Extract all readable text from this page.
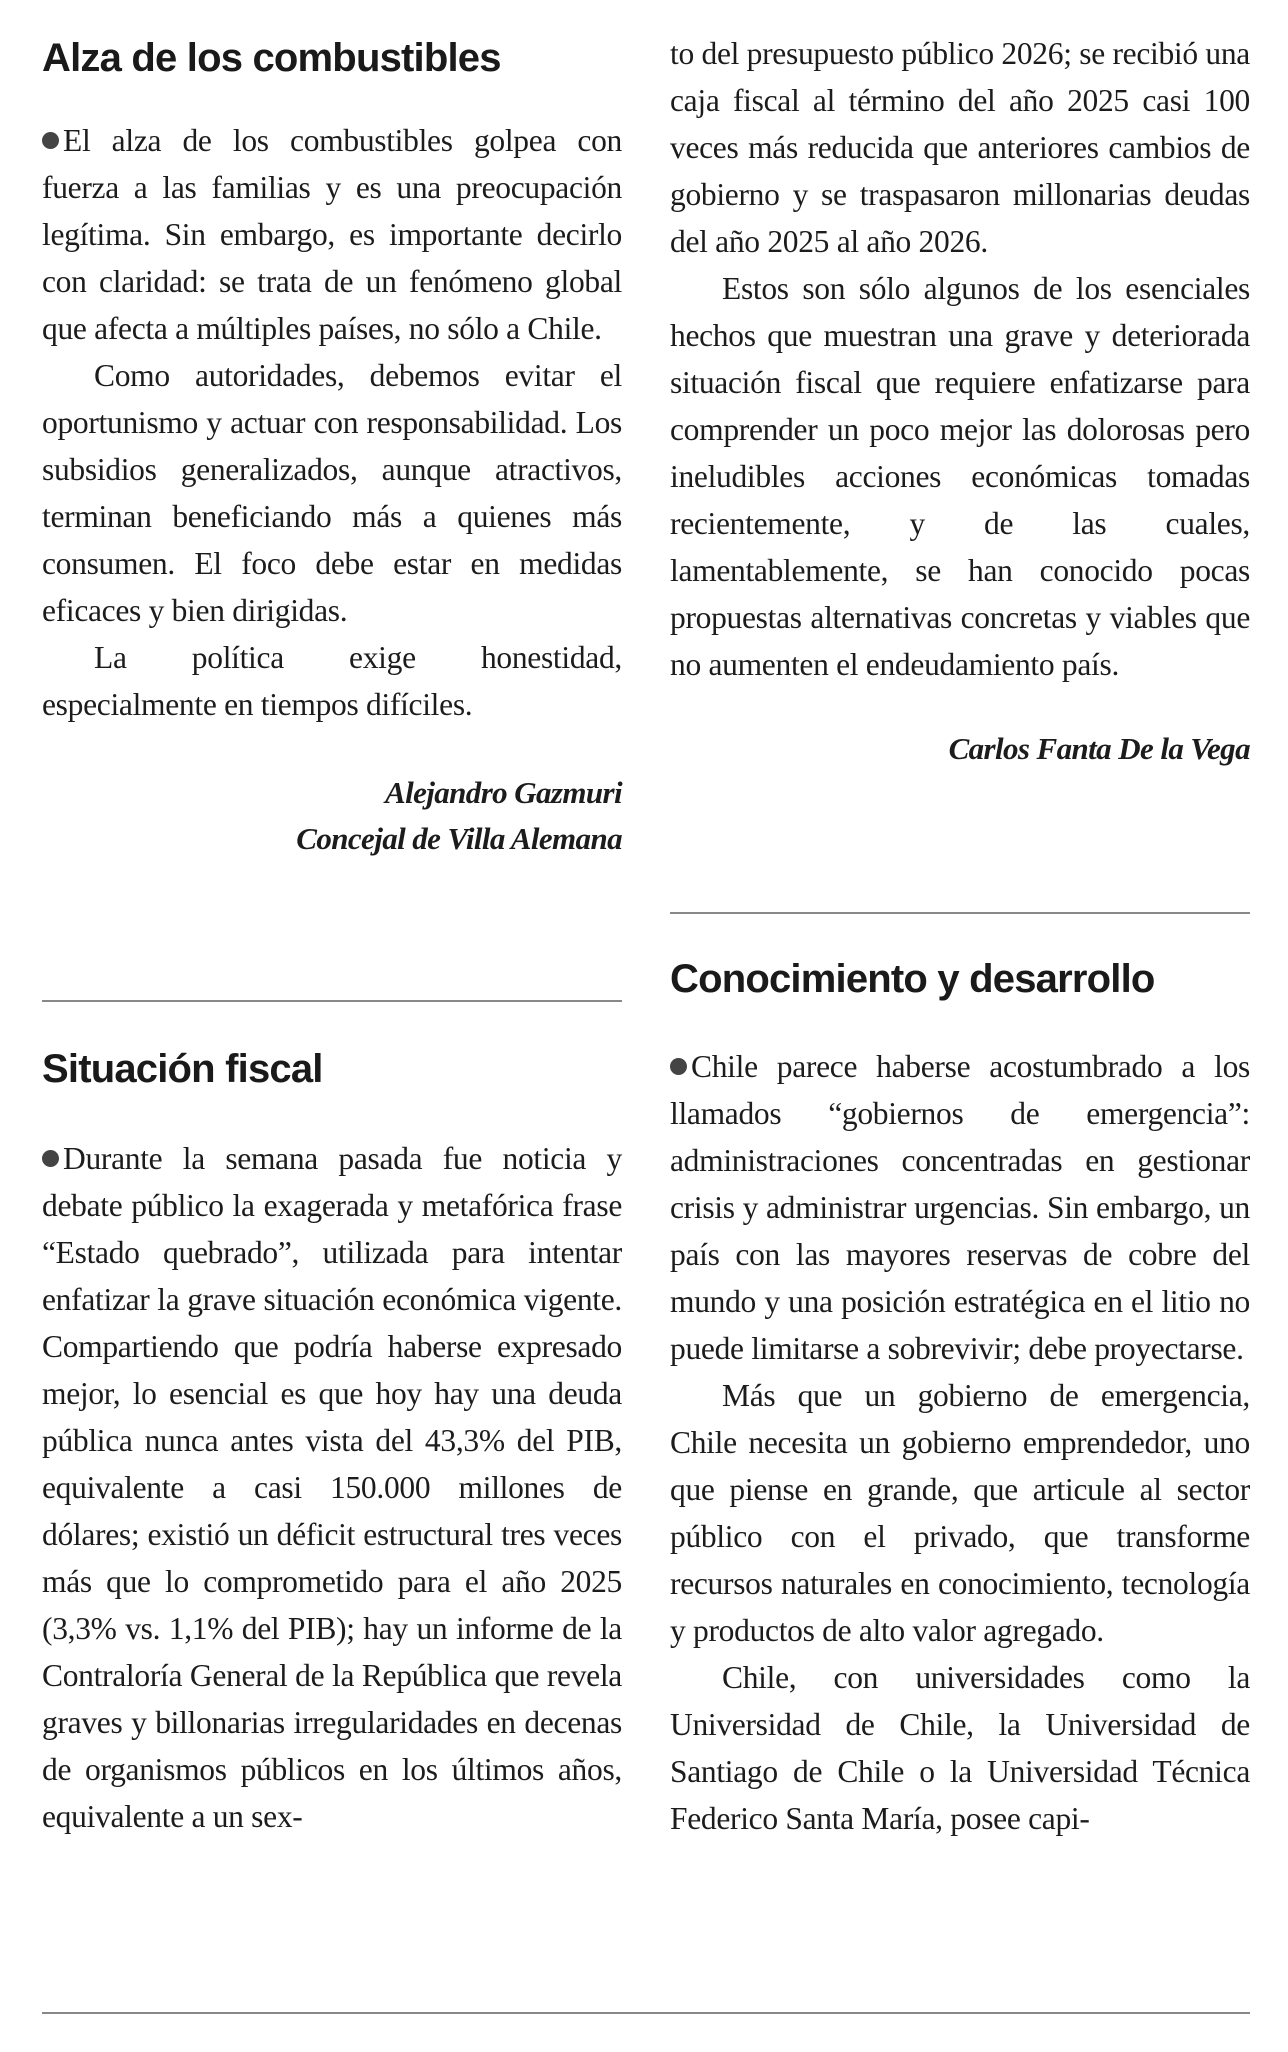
Alza de los combustibles

El alza de los combustibles golpea con fuerza a las familias y es una preocupación legítima. Sin embargo, es importante decirlo con claridad: se trata de un fenómeno global que afecta a múltiples países, no sólo a Chile.

Como autoridades, debemos evitar el oportunismo y actuar con responsabilidad. Los subsidios generalizados, aunque atractivos, terminan beneficiando más a quienes más consumen. El foco debe estar en medidas eficaces y bien dirigidas.

La política exige honestidad, especialmente en tiempos difíciles.

Alejandro Gazmuri

Concejal de Villa Alemana

Situación fiscal

Durante la semana pasada fue noticia y debate público la exagerada y metafórica frase “Estado quebrado”, utilizada para intentar enfatizar la grave situación económica vigente. Compartiendo que podría haberse expresado mejor, lo esencial es que hoy hay una deuda pública nunca antes vista del 43,3% del PIB, equivalente a casi 150.000 millones de dólares; existió un déficit estructural tres veces más que lo comprometido para el año 2025 (3,3% vs. 1,1% del PIB); hay un informe de la Contraloría General de la República que revela graves y billonarias irregularidades en decenas de organismos públicos en los últimos años, equivalente a un sex-

to del presupuesto público 2026; se recibió una caja fiscal al término del año 2025 casi 100 veces más reducida que anteriores cambios de gobierno y se traspasaron millonarias deudas del año 2025 al año 2026.

Estos son sólo algunos de los esenciales hechos que muestran una grave y deteriorada situación fiscal que requiere enfatizarse para comprender un poco mejor las dolorosas pero ineludibles acciones económicas tomadas recientemente, y de las cuales, lamentablemente, se han conocido pocas propuestas alternativas concretas y viables que no aumenten el endeudamiento país.

Carlos Fanta De la Vega

Conocimiento y desarrollo

Chile parece haberse acostumbrado a los llamados “gobiernos de emergencia”: administraciones concentradas en gestionar crisis y administrar urgencias. Sin embargo, un país con las mayores reservas de cobre del mundo y una posición estratégica en el litio no puede limitarse a sobrevivir; debe proyectarse.

Más que un gobierno de emergencia, Chile necesita un gobierno emprendedor, uno que piense en grande, que articule al sector público con el privado, que transforme recursos naturales en conocimiento, tecnología y productos de alto valor agregado.

Chile, con universidades como la Universidad de Chile, la Universidad de Santiago de Chile o la Universidad Técnica Federico Santa María, posee capi-
